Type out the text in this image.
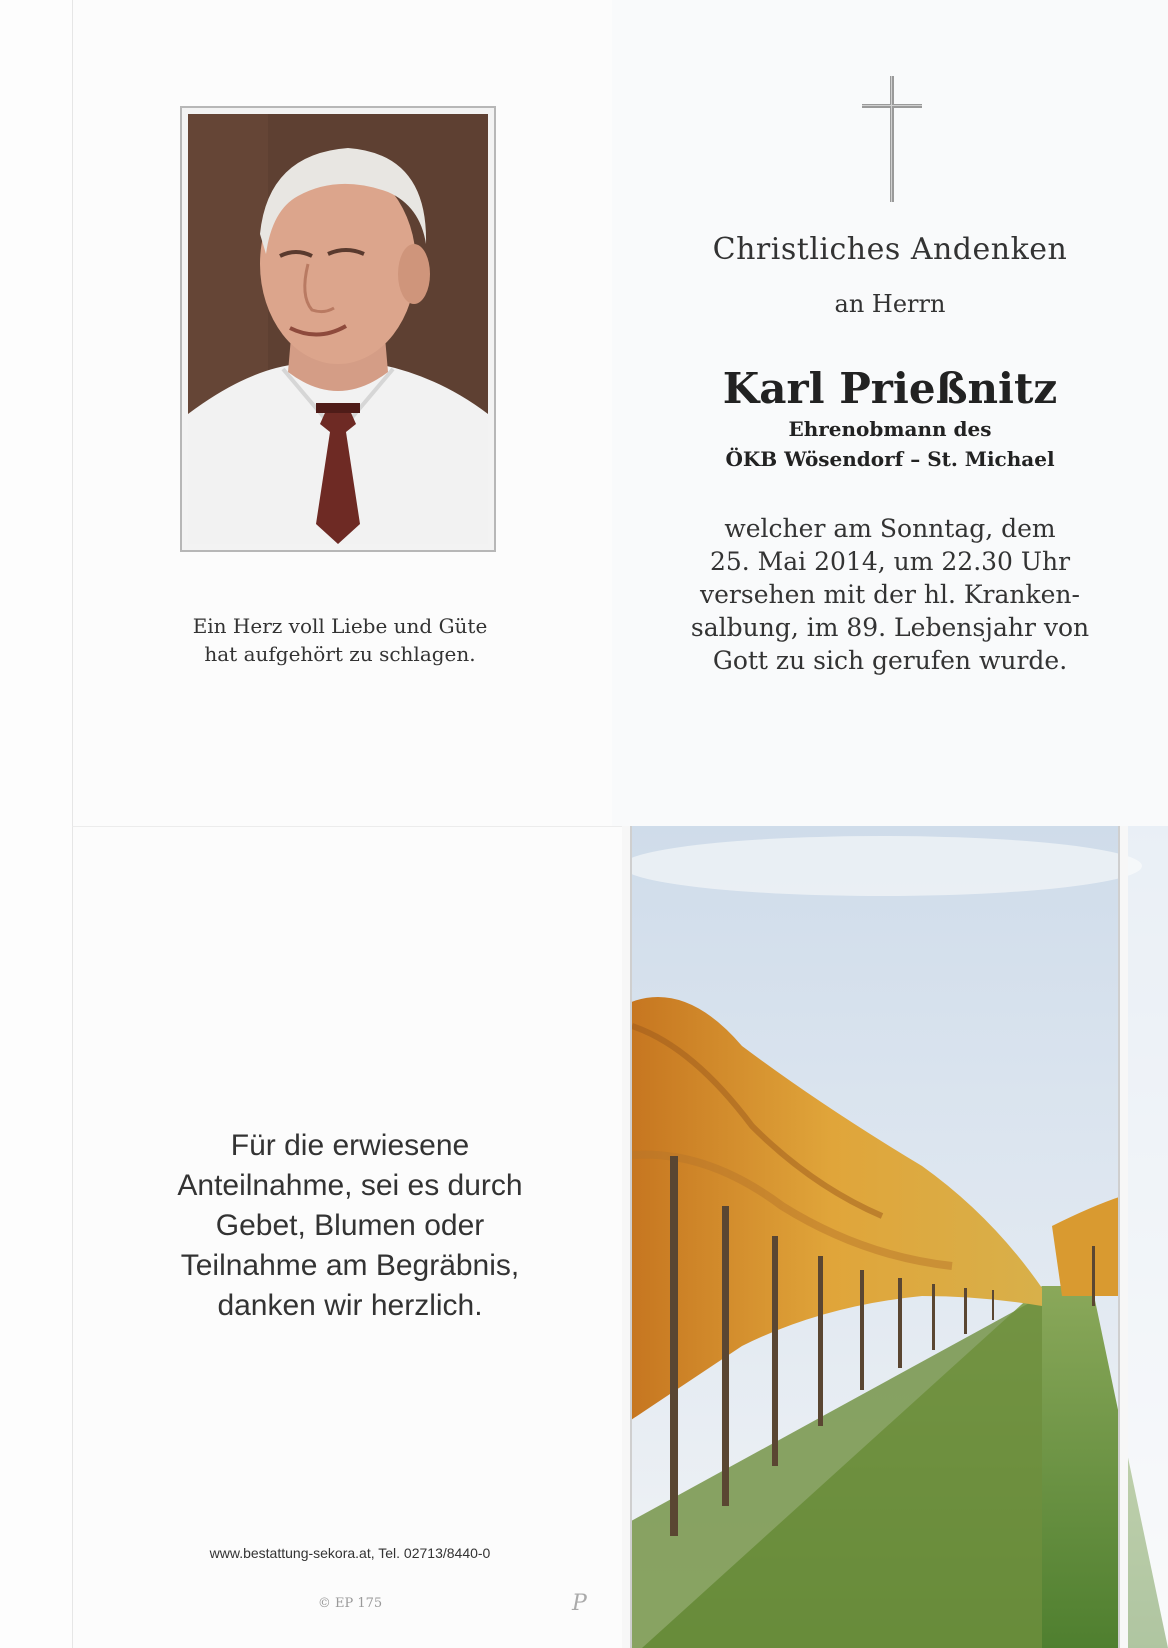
Ein Herz voll Liebe und Güte
hat aufgehört zu schlagen.
Christliches Andenken
an Herrn
Karl Prießnitz
Ehrenobmann des
ÖKB Wösendorf – St. Michael
welcher am Sonntag, dem
25. Mai 2014, um 22.30 Uhr
versehen mit der hl. Kranken-
salbung, im 89. Lebensjahr von
Gott zu sich gerufen wurde.
Für die erwiesene
Anteilnahme, sei es durch
Gebet, Blumen oder
Teilnahme am Begräbnis,
danken wir herzlich.
www.bestattung-sekora.at, Tel. 02713/8440-0
© EP 175	P
